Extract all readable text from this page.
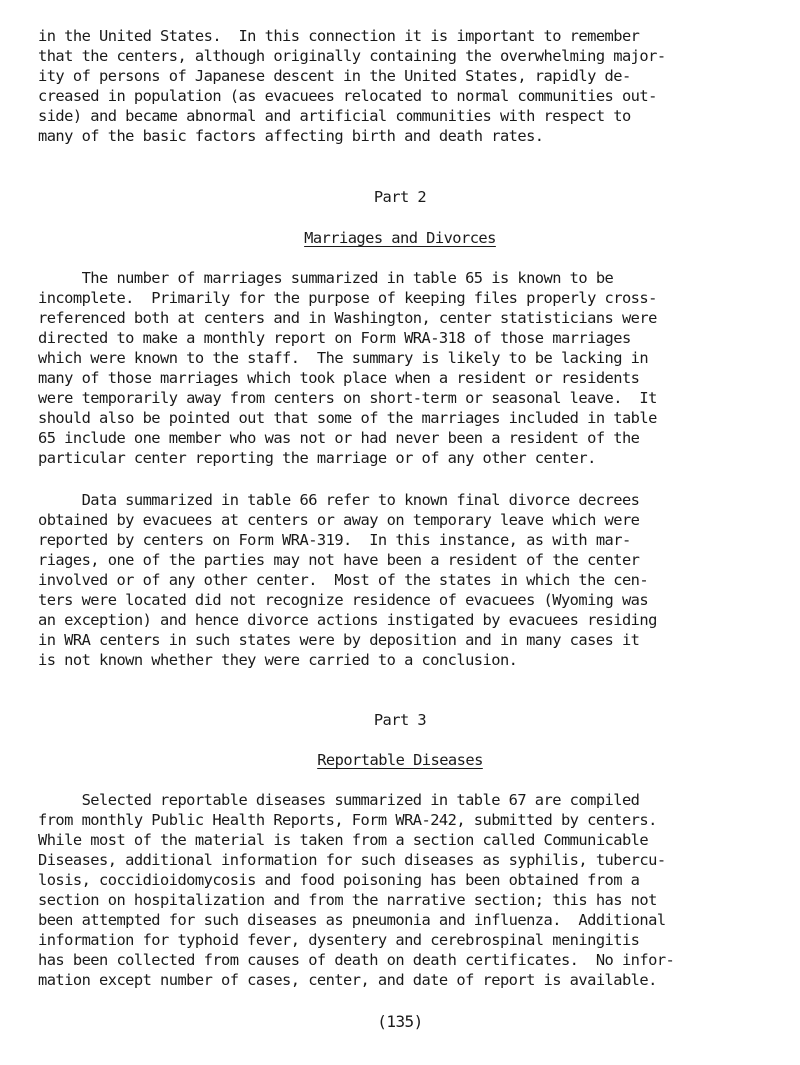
in the United States.  In this connection it is important to remember
that the centers, although originally containing the overwhelming major-
ity of persons of Japanese descent in the United States, rapidly de-
creased in population (as evacuees relocated to normal communities out-
side) and became abnormal and artificial communities with respect to
many of the basic factors affecting birth and death rates.
Part 2
Marriages and Divorces
The number of marriages summarized in table 65 is known to be
incomplete.  Primarily for the purpose of keeping files properly cross-
referenced both at centers and in Washington, center statisticians were
directed to make a monthly report on Form WRA-318 of those marriages
which were known to the staff.  The summary is likely to be lacking in
many of those marriages which took place when a resident or residents
were temporarily away from centers on short-term or seasonal leave.  It
should also be pointed out that some of the marriages included in table
65 include one member who was not or had never been a resident of the
particular center reporting the marriage or of any other center.
Data summarized in table 66 refer to known final divorce decrees
obtained by evacuees at centers or away on temporary leave which were
reported by centers on Form WRA-319.  In this instance, as with mar-
riages, one of the parties may not have been a resident of the center
involved or of any other center.  Most of the states in which the cen-
ters were located did not recognize residence of evacuees (Wyoming was
an exception) and hence divorce actions instigated by evacuees residing
in WRA centers in such states were by deposition and in many cases it
is not known whether they were carried to a conclusion.
Part 3
Reportable Diseases
Selected reportable diseases summarized in table 67 are compiled
from monthly Public Health Reports, Form WRA-242, submitted by centers.
While most of the material is taken from a section called Communicable
Diseases, additional information for such diseases as syphilis, tubercu-
losis, coccidioidomycosis and food poisoning has been obtained from a
section on hospitalization and from the narrative section; this has not
been attempted for such diseases as pneumonia and influenza.  Additional
information for typhoid fever, dysentery and cerebrospinal meningitis
has been collected from causes of death on death certificates.  No infor-
mation except number of cases, center, and date of report is available.
(135)
